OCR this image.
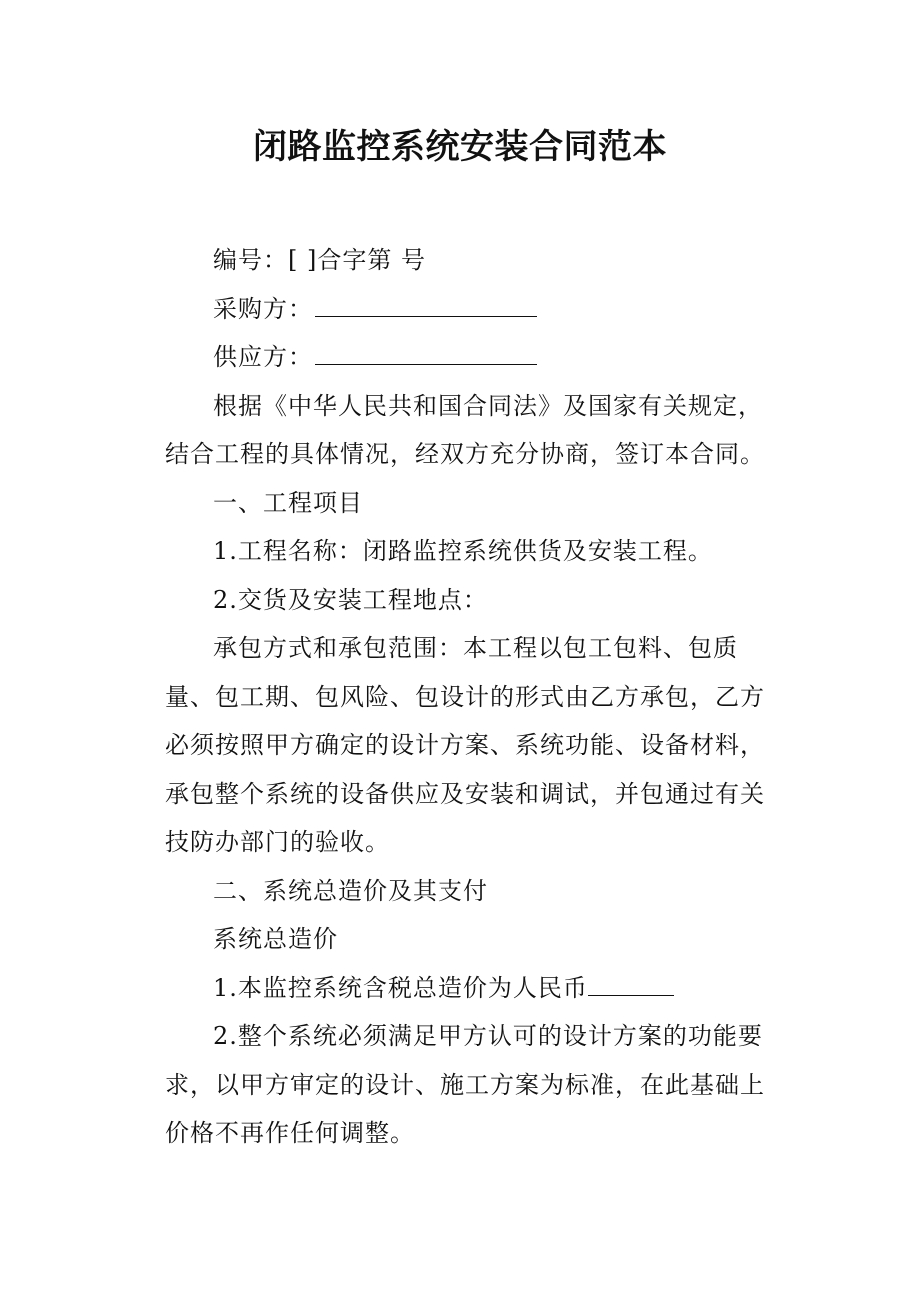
闭路监控系统安装合同范本

编号：[ ]合字第 号

采购方：

供应方：

根据《中华人民共和国合同法》及国家有关规定，结合工程的具体情况，经双方充分协商，签订本合同。

一、工程项目

1.工程名称：闭路监控系统供货及安装工程。

2.交货及安装工程地点：

承包方式和承包范围：本工程以包工包料、包质量、包工期、包风险、包设计的形式由乙方承包，乙方必须按照甲方确定的设计方案、系统功能、设备材料，承包整个系统的设备供应及安装和调试，并包通过有关技防办部门的验收。

二、系统总造价及其支付

系统总造价

1.本监控系统含税总造价为人民币

2.整个系统必须满足甲方认可的设计方案的功能要求，以甲方审定的设计、施工方案为标准，在此基础上价格不再作任何调整。
